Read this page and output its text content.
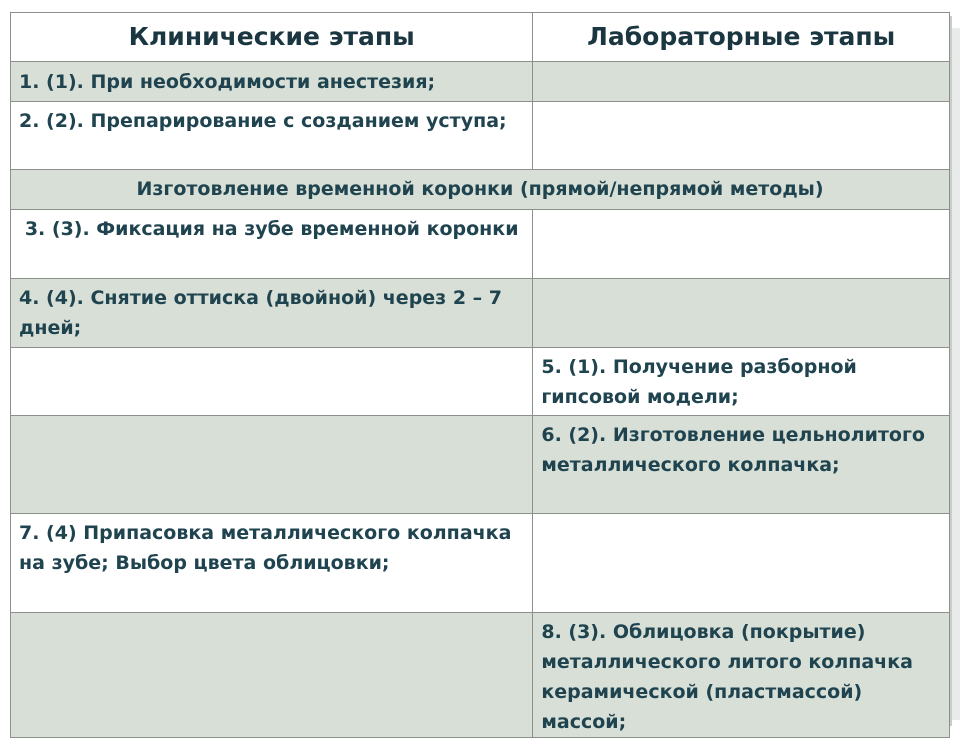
Клинические этапы	Лабораторные этапы
1. (1). При необходимости анестезия;	
2. (2). Препарирование с созданием уступа;	
Изготовление временной коронки (прямой/непрямой методы)	
3. (3). Фиксация на зубе временной коронки	
4. (4). Снятие оттиска (двойной) через 2 – 7 дней;	
	5. (1). Получение разборной гипсовой модели;
	6. (2). Изготовление цельнолитого металлического колпачка;
7. (4) Припасовка металлического колпачка на зубе; Выбор цвета облицовки;	
	8. (3). Облицовка (покрытие) металлического литого колпачка керамической (пластмассой) массой;
